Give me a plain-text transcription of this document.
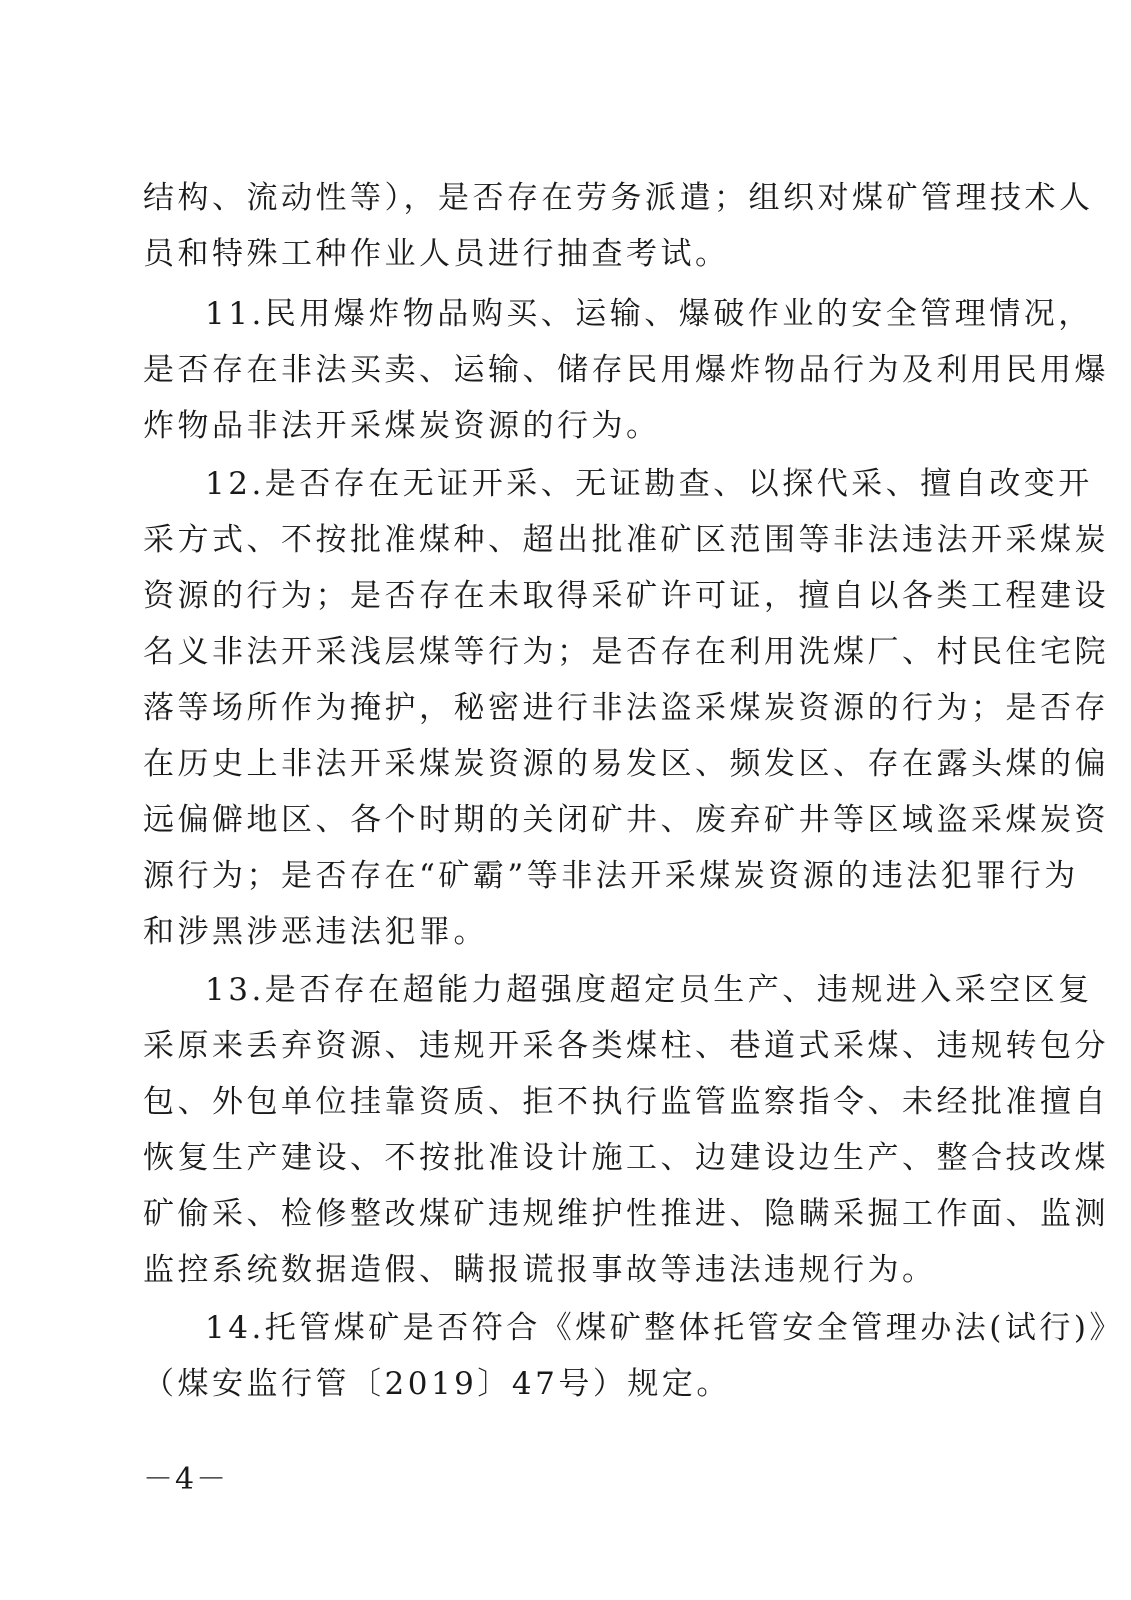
结构、流动性等），是否存在劳务派遣；组织对煤矿管理技术人
员和特殊工种作业人员进行抽查考试。
11.民用爆炸物品购买、运输、爆破作业的安全管理情况，
是否存在非法买卖、运输、储存民用爆炸物品行为及利用民用爆
炸物品非法开采煤炭资源的行为。
12.是否存在无证开采、无证勘查、以探代采、擅自改变开
采方式、不按批准煤种、超出批准矿区范围等非法违法开采煤炭
资源的行为；是否存在未取得采矿许可证，擅自以各类工程建设
名义非法开采浅层煤等行为；是否存在利用洗煤厂、村民住宅院
落等场所作为掩护，秘密进行非法盗采煤炭资源的行为；是否存
在历史上非法开采煤炭资源的易发区、频发区、存在露头煤的偏
远偏僻地区、各个时期的关闭矿井、废弃矿井等区域盗采煤炭资
源行为；是否存在“矿霸”等非法开采煤炭资源的违法犯罪行为
和涉黑涉恶违法犯罪。
13.是否存在超能力超强度超定员生产、违规进入采空区复
采原来丢弃资源、违规开采各类煤柱、巷道式采煤、违规转包分
包、外包单位挂靠资质、拒不执行监管监察指令、未经批准擅自
恢复生产建设、不按批准设计施工、边建设边生产、整合技改煤
矿偷采、检修整改煤矿违规维护性推进、隐瞒采掘工作面、监测
监控系统数据造假、瞒报谎报事故等违法违规行为。
14.托管煤矿是否符合《煤矿整体托管安全管理办法(试行)》
（煤安监行管〔2019〕47号）规定。
－4－
